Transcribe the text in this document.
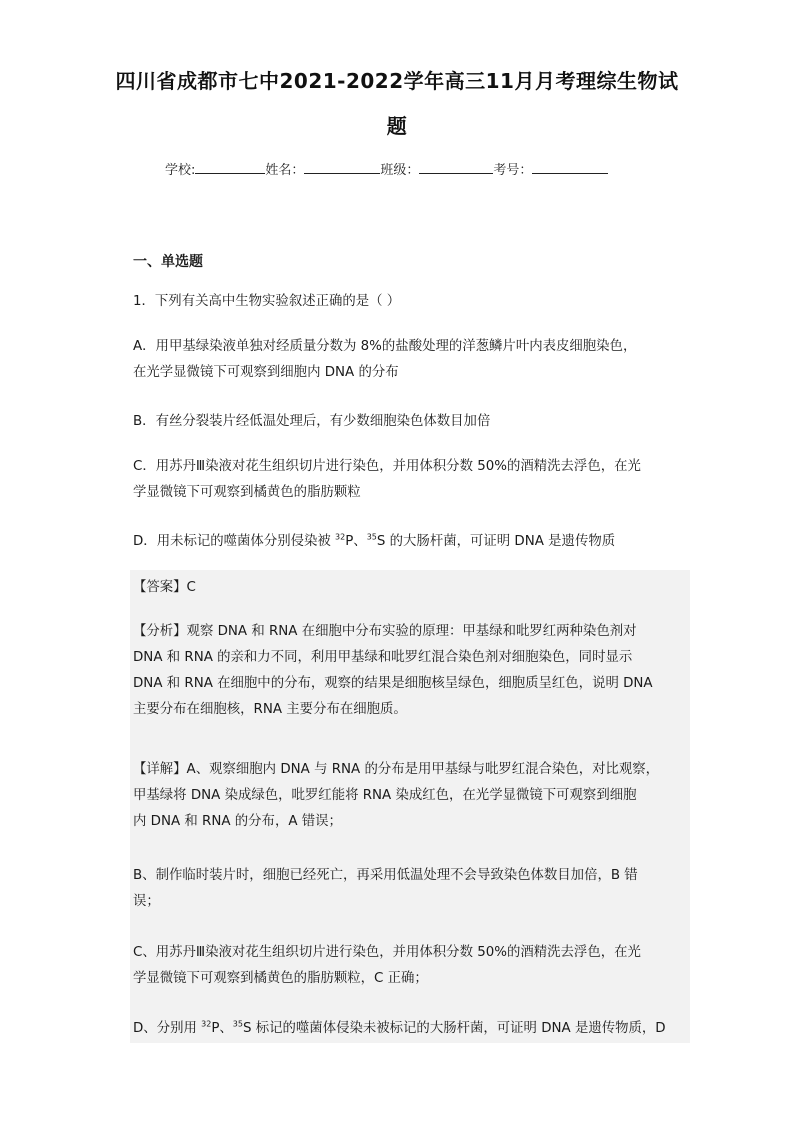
四川省成都市七中2021-2022学年高三11月月考理综生物试
题
学校:	姓名：	班级：	考号：
一、单选题
1．下列有关高中生物实验叙述正确的是（ ）
A．用甲基绿染液单独对经质量分数为 8%的盐酸处理的洋葱鳞片叶内表皮细胞染色，
在光学显微镜下可观察到细胞内 DNA 的分布
B．有丝分裂装片经低温处理后，有少数细胞染色体数目加倍
C．用苏丹Ⅲ染液对花生组织切片进行染色，并用体积分数 50%的酒精洗去浮色，在光
学显微镜下可观察到橘黄色的脂肪颗粒
D．用未标记的噬菌体分别侵染被 $^{32}$P、$^{35}$S 的大肠杆菌，可证明 DNA 是遗传物质
【答案】C
【分析】观察 DNA 和 RNA 在细胞中分布实验的原理：甲基绿和吡罗红两种染色剂对
DNA 和 RNA 的亲和力不同，利用甲基绿和吡罗红混合染色剂对细胞染色，同时显示
DNA 和 RNA 在细胞中的分布，观察的结果是细胞核呈绿色，细胞质呈红色，说明 DNA
主要分布在细胞核，RNA 主要分布在细胞质。
【详解】A、观察细胞内 DNA 与 RNA 的分布是用甲基绿与吡罗红混合染色，对比观察，
甲基绿将 DNA 染成绿色，吡罗红能将 RNA 染成红色，在光学显微镜下可观察到细胞
内 DNA 和 RNA 的分布，A 错误；
B、制作临时装片时，细胞已经死亡，再采用低温处理不会导致染色体数目加倍，B 错
误；
C、用苏丹Ⅲ染液对花生组织切片进行染色，并用体积分数 50%的酒精洗去浮色，在光
学显微镜下可观察到橘黄色的脂肪颗粒，C 正确；
D、分别用 $^{32}$P、$^{35}$S 标记的噬菌体侵染未被标记的大肠杆菌，可证明 DNA 是遗传物质，D
